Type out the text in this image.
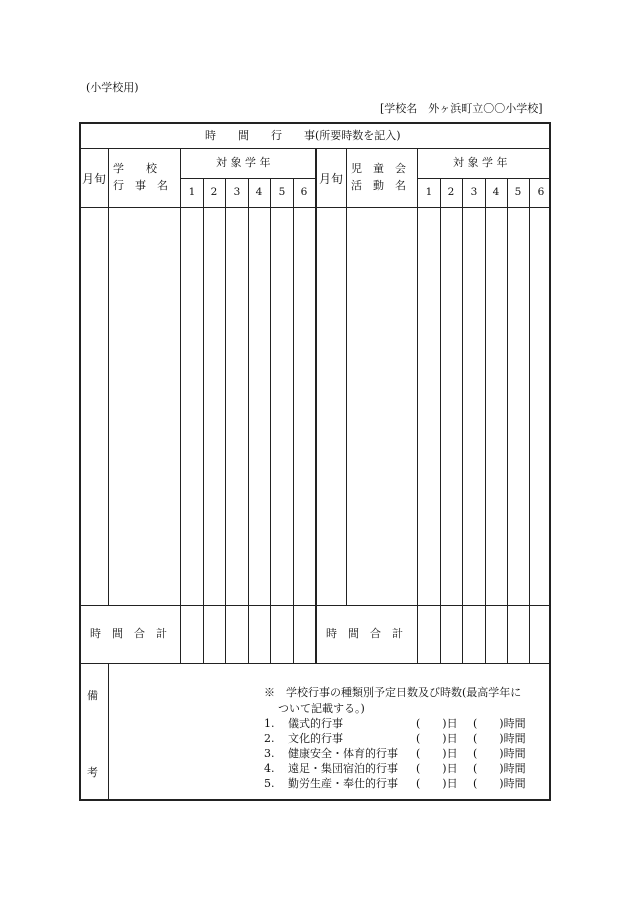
(小学校用)
[学校名　外ヶ浜町立〇〇小学校]
時　　間　　行　　事(所要時数を記入)
月旬
学　　校
行　事　名
対 象 学 年
1	2	3	4	5	6
月旬
児　童　会
活　動　名
対 象 学 年
1	2	3	4	5	6
時　間　合　計	時　間　合　計
備
考
※　学校行事の種類別予定日数及び時数(最高学年に
ついて記載する。)
1. 儀式的行事	(　　)日 (　　)時間
2. 文化的行事	(　　)日 (　　)時間
3. 健康安全・体育的行事 (　　)日 (　　)時間
4. 遠足・集団宿泊的行事 (　　)日 (　　)時間
5. 勤労生産・奉仕的行事 (　　)日 (　　)時間
